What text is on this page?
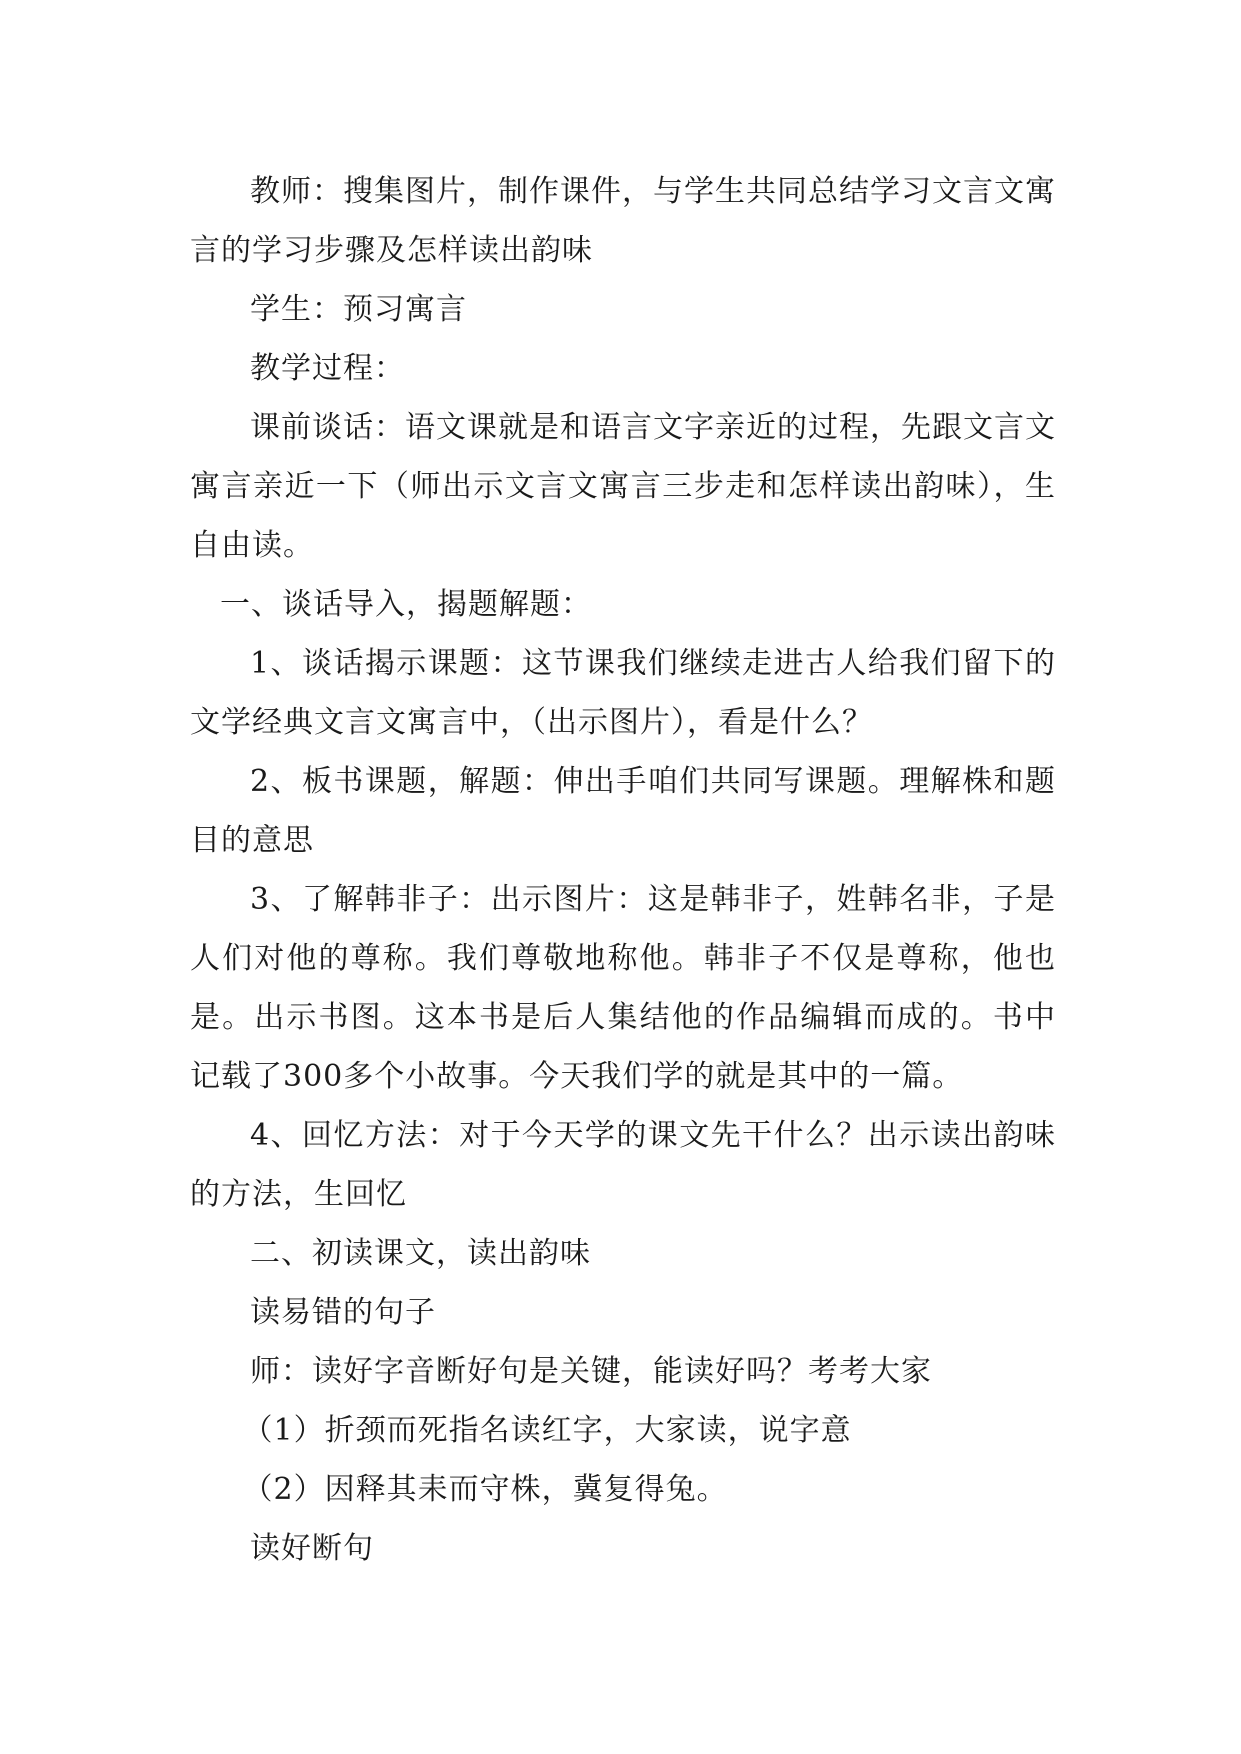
教师：搜集图片，制作课件，与学生共同总结学习文言文寓言的学习步骤及怎样读出韵味

学生：预习寓言

教学过程：

课前谈话：语文课就是和语言文字亲近的过程，先跟文言文寓言亲近一下（师出示文言文寓言三步走和怎样读出韵味），生自由读。

一、谈话导入，揭题解题：

1、谈话揭示课题：这节课我们继续走进古人给我们留下的文学经典文言文寓言中，（出示图片），看是什么？

2、板书课题，解题：伸出手咱们共同写课题。理解株和题目的意思

3、了解韩非子：出示图片：这是韩非子，姓韩名非，子是人们对他的尊称。我们尊敬地称他。韩非子不仅是尊称，他也是。出示书图。这本书是后人集结他的作品编辑而成的。书中记载了300多个小故事。今天我们学的就是其中的一篇。

4、回忆方法：对于今天学的课文先干什么？出示读出韵味的方法，生回忆

二、初读课文，读出韵味

读易错的句子

师：读好字音断好句是关键，能读好吗？考考大家

（1）折颈而死指名读红字，大家读，说字意

（2）因释其耒而守株，冀复得兔。

读好断句
